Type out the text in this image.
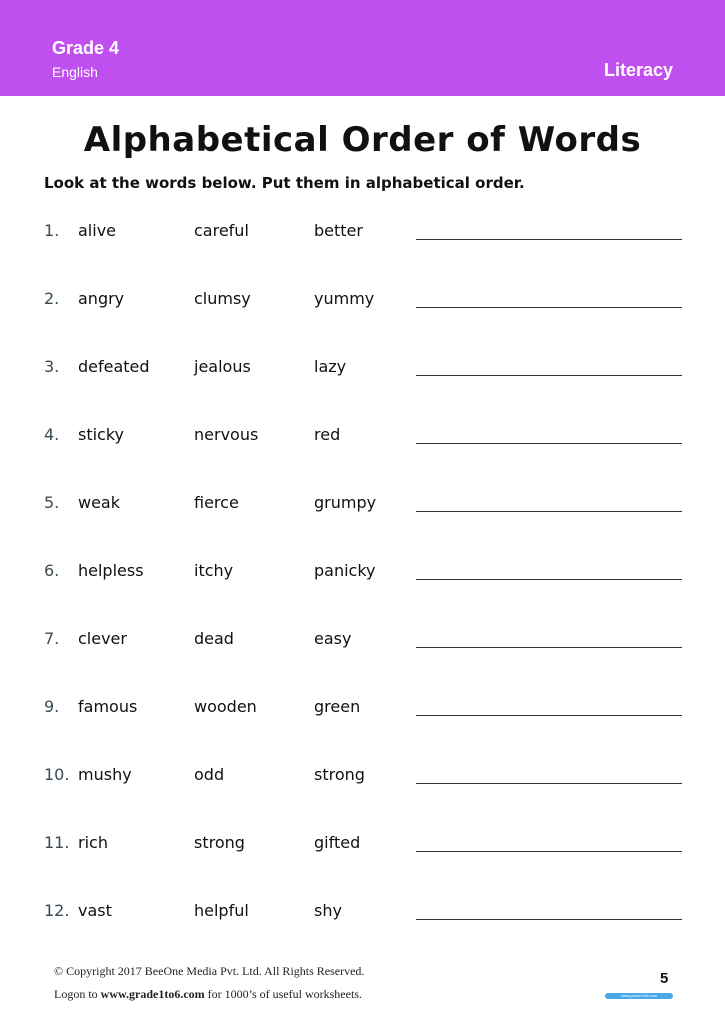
Grade 4
English	Literacy
Alphabetical Order of Words
Look at the words below. Put them in alphabetical order.
1. alive	careful	better
2. angry	clumsy	yummy
3. defeated	jealous	lazy
4. sticky	nervous	red
5. weak	fierce	grumpy
6. helpless	itchy	panicky
7. clever	dead	easy
9. famous	wooden	green
10. mushy	odd	strong
11. rich	strong	gifted
12. vast	helpful	shy
© Copyright 2017 BeeOne Media Pvt. Ltd. All Rights Reserved.
Logon to www.grade1to6.com for 1000’s of useful worksheets.
5
www.grade1to6.com
